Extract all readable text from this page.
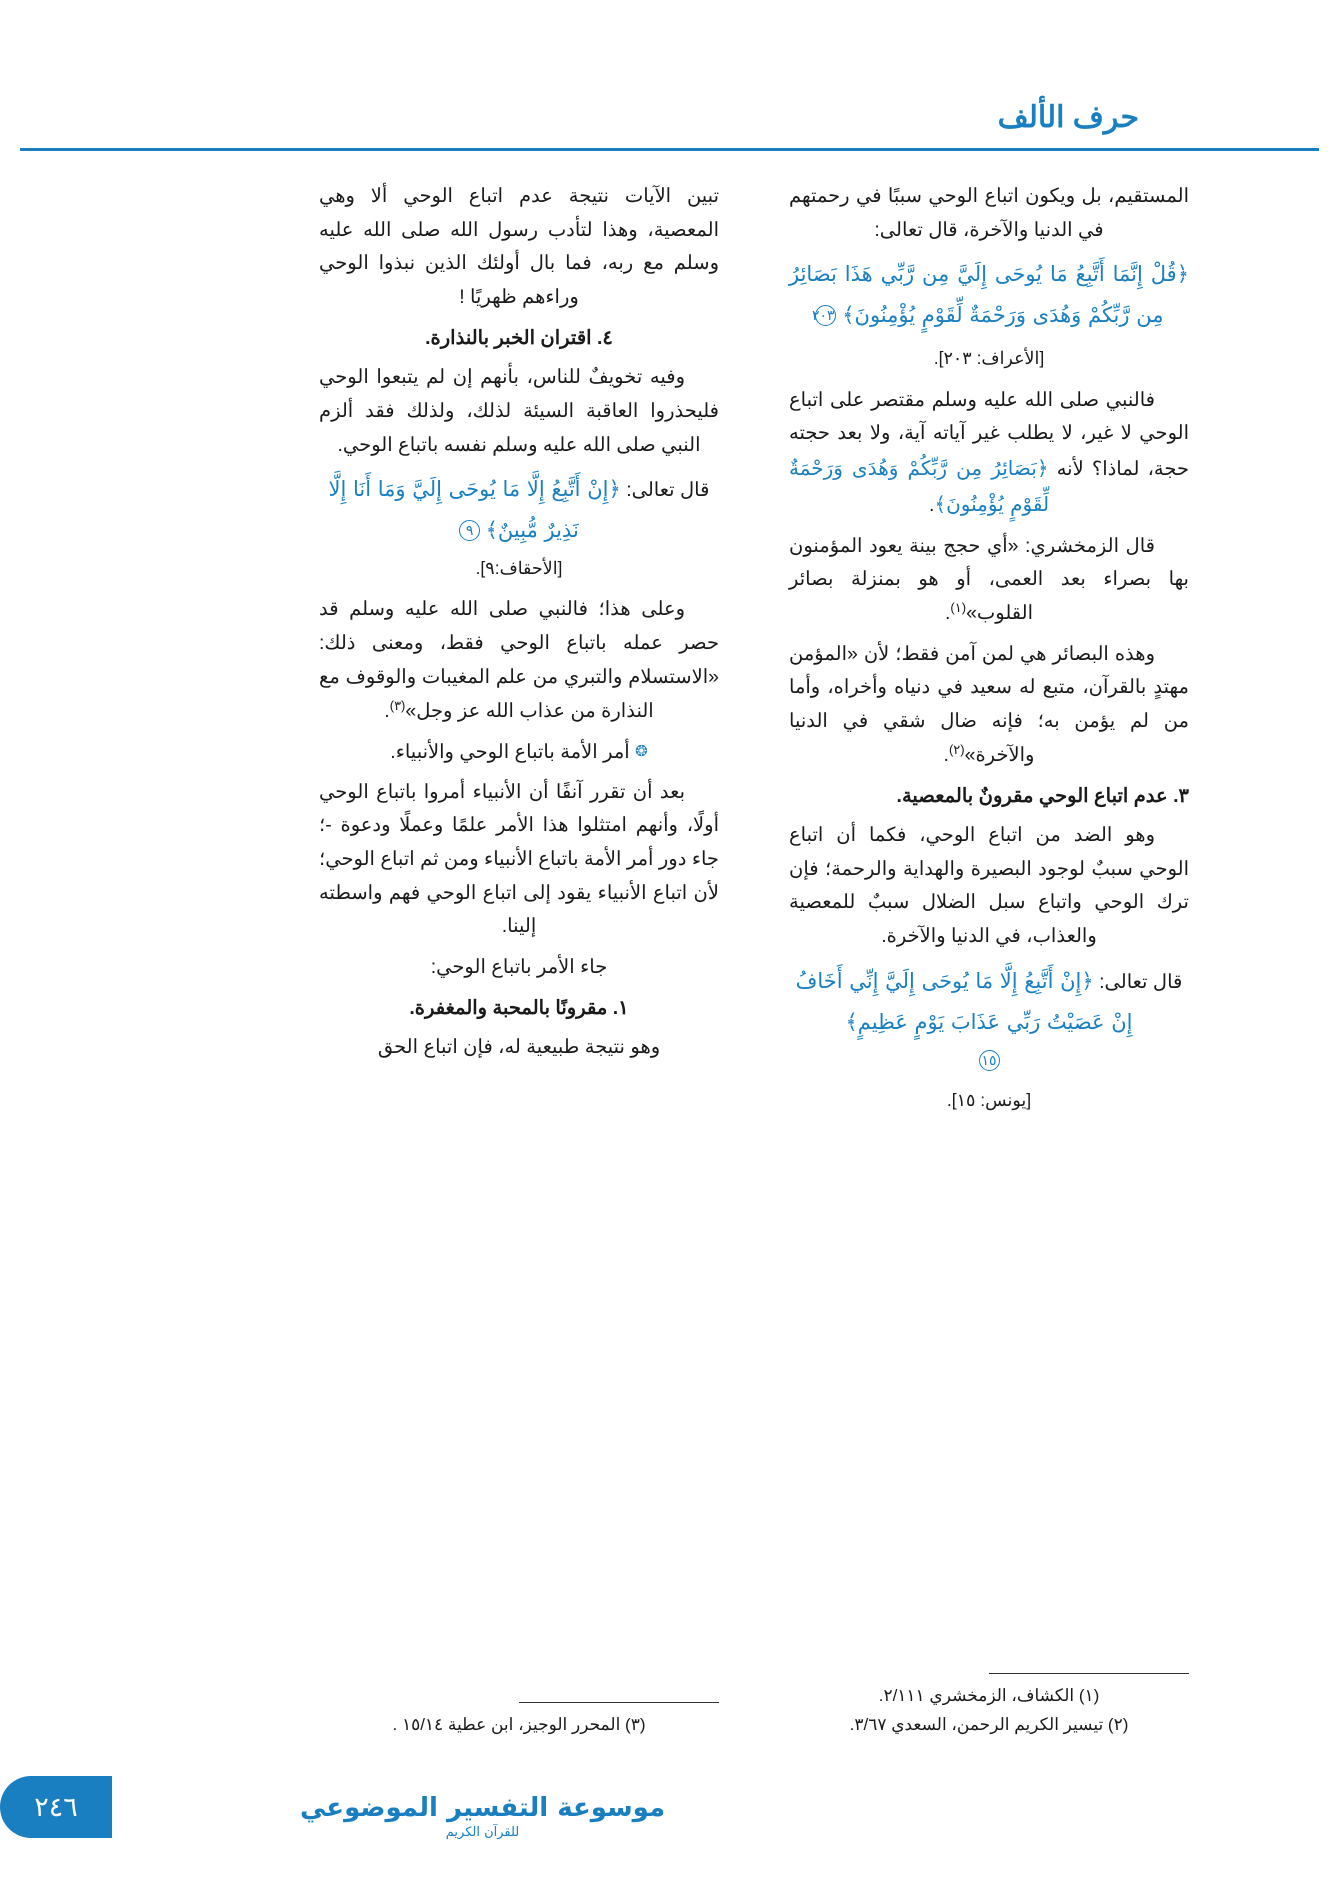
حرف الألف

المستقيم، بل ويكون اتباع الوحي سببًا في رحمتهم في الدنيا والآخرة، قال تعالى:

﴿قُلْ إِنَّمَا أَتَّبِعُ مَا يُوحَى إِلَيَّ مِن رَّبِّي هَذَا بَصَائِرُ مِن رَّبِّكُمْ وَهُدَى وَرَحْمَةٌ لِّقَوْمٍ يُؤْمِنُونَ﴾ ٢٠٣

[الأعراف: ٢٠٣].

فالنبي صلى الله عليه وسلم مقتصر على اتباع الوحي لا غير، لا يطلب غير آياته آية، ولا بعد حجته حجة، لماذا؟ لأنه ﴿بَصَائِرُ مِن رَّبِّكُمْ وَهُدَى وَرَحْمَةٌ لِّقَوْمٍ يُؤْمِنُونَ﴾.

قال الزمخشري: «أي حجج بينة يعود المؤمنون بها بصراء بعد العمى، أو هو بمنزلة بصائر القلوب»$^{(١)}$.

وهذه البصائر هي لمن آمن فقط؛ لأن «المؤمن مهتدٍ بالقرآن، متبع له سعيد في دنياه وأخراه، وأما من لم يؤمن به؛ فإنه ضال شقي في الدنيا والآخرة»$^{(٢)}$.

٣. عدم اتباع الوحي مقرونٌ بالمعصية.

وهو الضد من اتباع الوحي، فكما أن اتباع الوحي سببٌ لوجود البصيرة والهداية والرحمة؛ فإن ترك الوحي واتباع سبل الضلال سببٌ للمعصية والعذاب، في الدنيا والآخرة.

قال تعالى: ﴿إِنْ أَتَّبِعُ إِلَّا مَا يُوحَى إِلَيَّ إِنِّي أَخَافُ إِنْ عَصَيْتُ رَبِّي عَذَابَ يَوْمٍ عَظِيمٍ﴾

١٥

[يونس: ١٥].

(١) الكشاف، الزمخشري ٢/١١١.

(٢) تيسير الكريم الرحمن، السعدي ٣/٦٧.

تبين الآيات نتيجة عدم اتباع الوحي ألا وهي المعصية، وهذا لتأدب رسول الله صلى الله عليه وسلم مع ربه، فما بال أولئك الذين نبذوا الوحي وراءهم ظهريًا !

٤. اقتران الخبر بالنذارة.

وفيه تخويفٌ للناس، بأنهم إن لم يتبعوا الوحي فليحذروا العاقبة السيئة لذلك، ولذلك فقد ألزم النبي صلى الله عليه وسلم نفسه باتباع الوحي.

قال تعالى: ﴿إِنْ أَتَّبِعُ إِلَّا مَا يُوحَى إِلَيَّ وَمَا أَنَا إِلَّا نَذِيرٌ مُّبِينٌ﴾ ٩

[الأحقاف:٩].

وعلى هذا؛ فالنبي صلى الله عليه وسلم قد حصر عمله باتباع الوحي فقط، ومعنى ذلك: «الاستسلام والتبري من علم المغيبات والوقوف مع النذارة من عذاب الله عز وجل»$^{(٣)}$.

❂ أمر الأمة باتباع الوحي والأنبياء.

بعد أن تقرر آنفًا أن الأنبياء أمروا باتباع الوحي أولًا، وأنهم امتثلوا هذا الأمر علمًا وعملًا ودعوة -؛ جاء دور أمر الأمة باتباع الأنبياء ومن ثم اتباع الوحي؛ لأن اتباع الأنبياء يقود إلى اتباع الوحي فهم واسطته إلينا.

جاء الأمر باتباع الوحي:

١. مقرونًا بالمحبة والمغفرة.

وهو نتيجة طبيعية له، فإن اتباع الحق

(٣) المحرر الوجيز، ابن عطية ١٥/١٤ .

موسوعة التفسير الموضوعي
للقرآن الكريم
٢٤٦
